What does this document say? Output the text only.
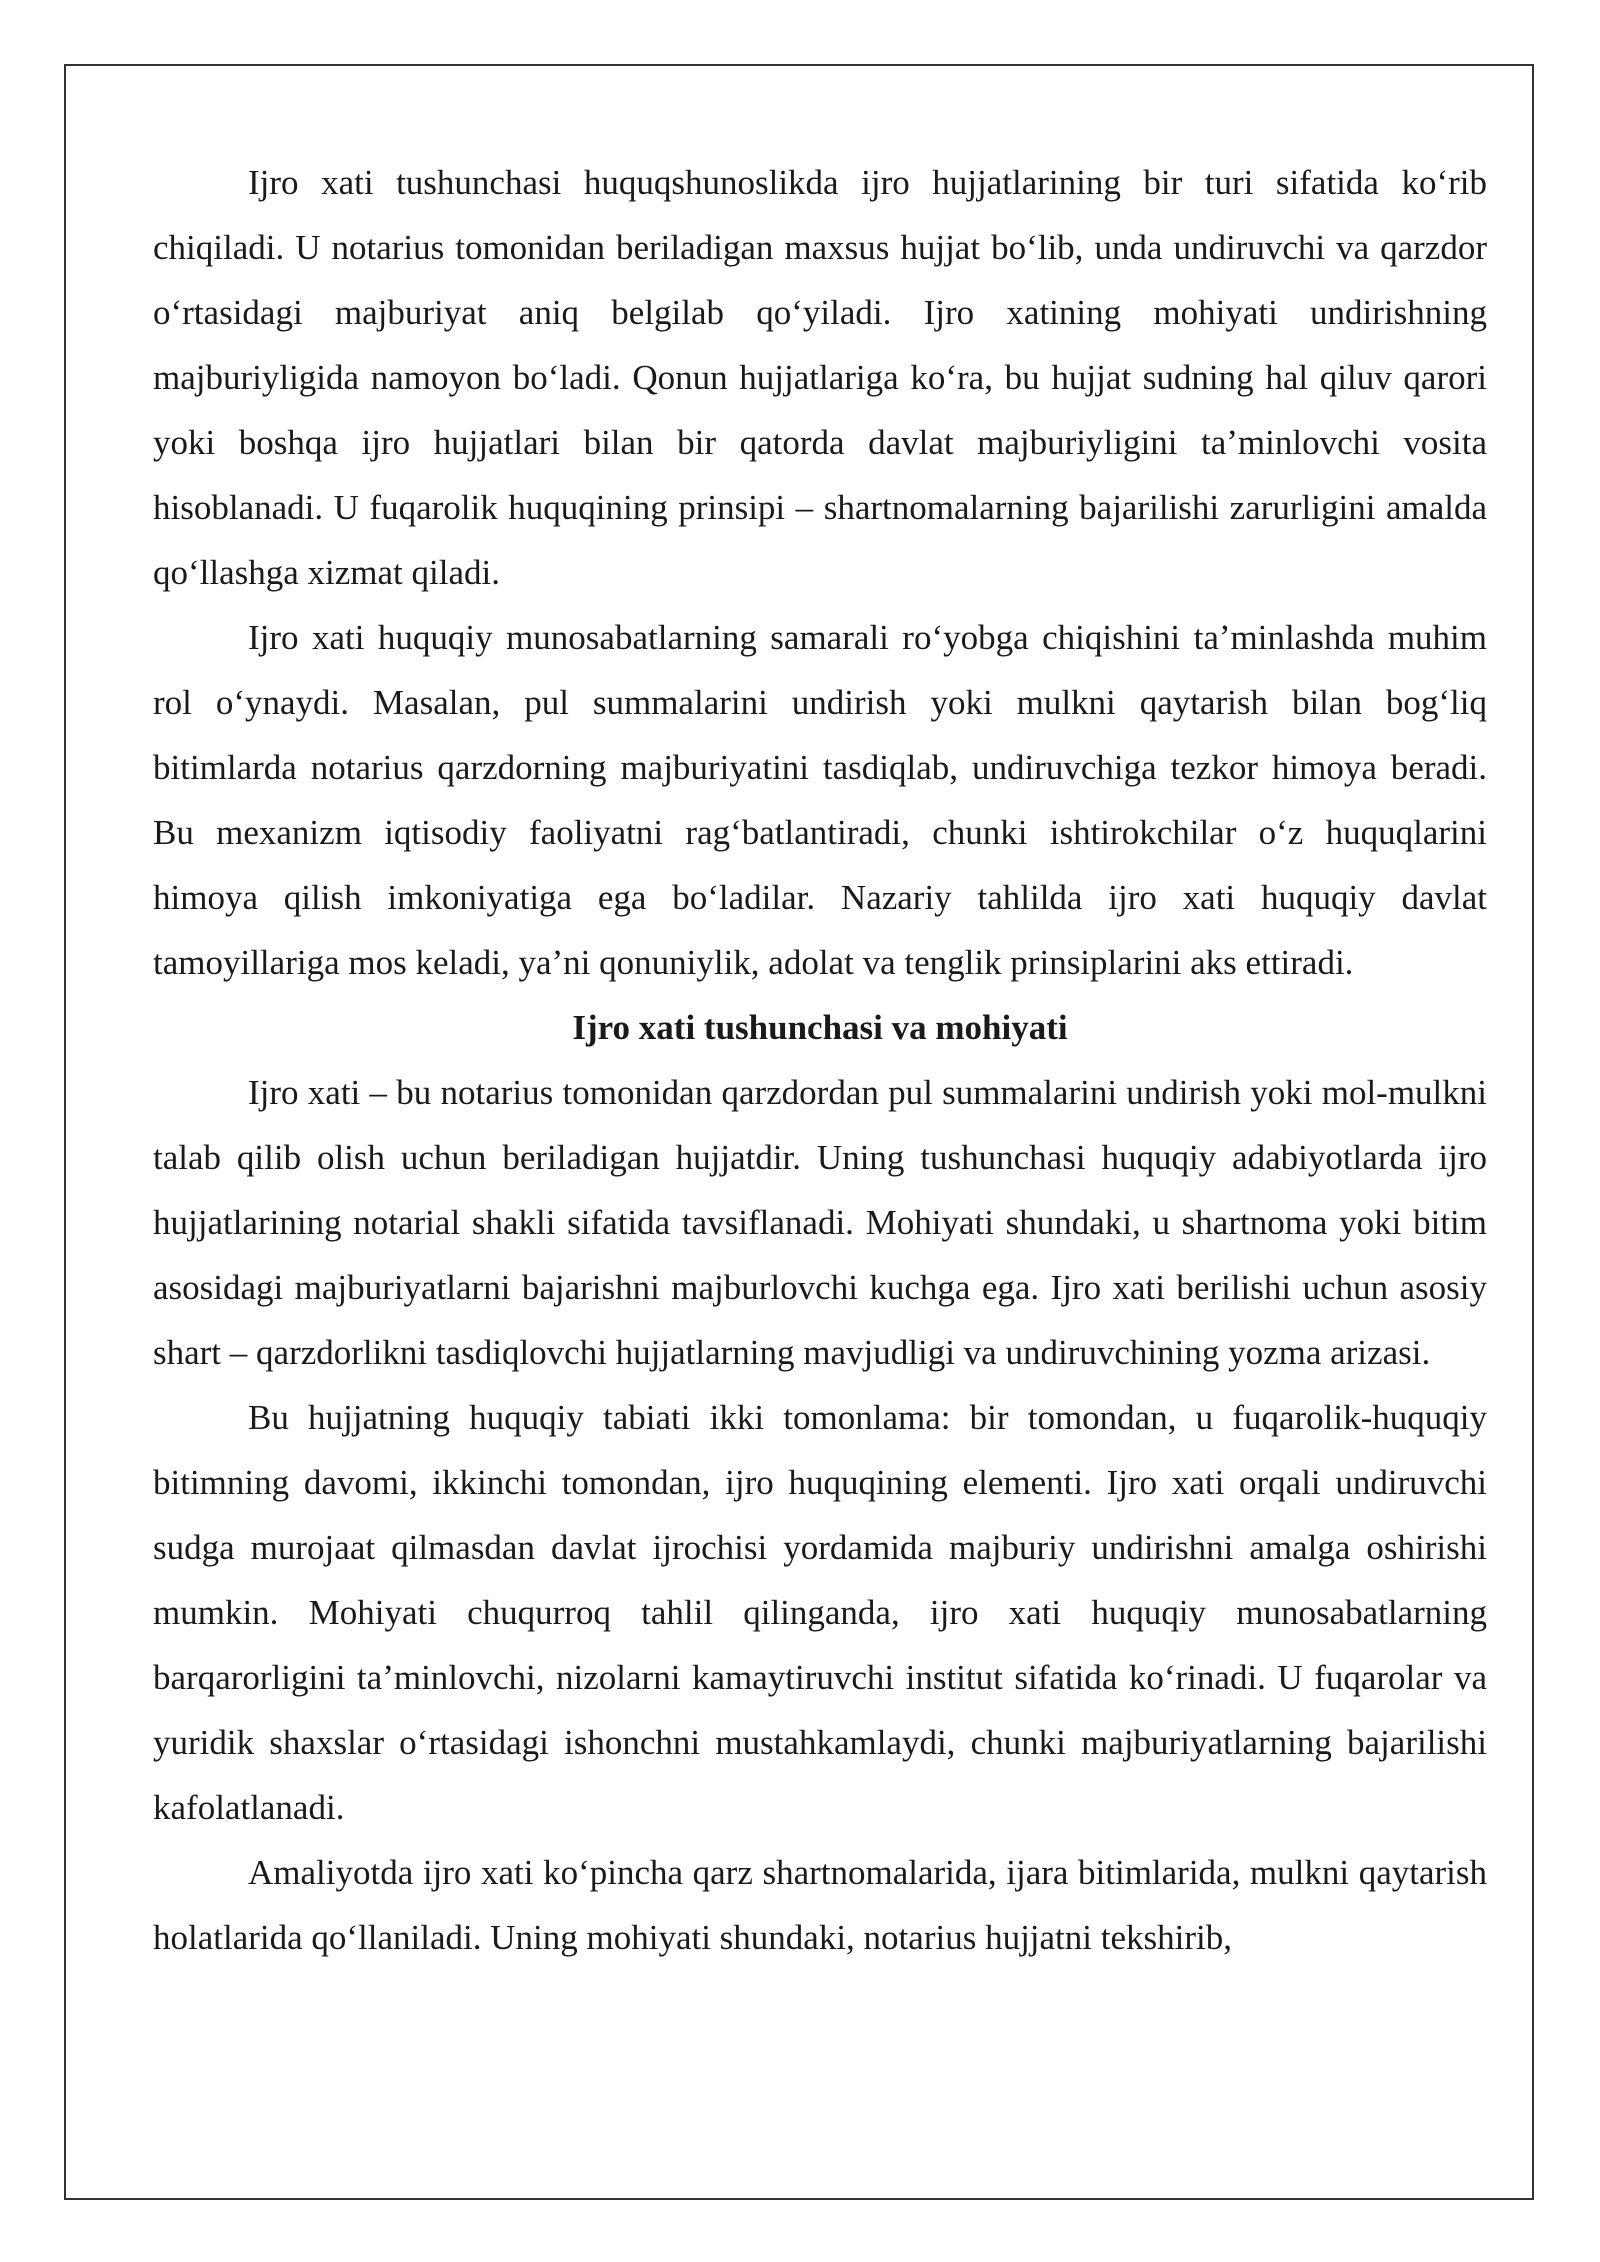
Ijro xati tushunchasi huquqshunoslikda ijro hujjatlarining bir turi sifatida koʻrib chiqiladi. U notarius tomonidan beriladigan maxsus hujjat boʻlib, unda undiruvchi va qarzdor oʻrtasidagi majburiyat aniq belgilab qoʻyiladi. Ijro xatining mohiyati undirishning majburiyligida namoyon boʻladi. Qonun hujjatlariga koʻra, bu hujjat sudning hal qiluv qarori yoki boshqa ijro hujjatlari bilan bir qatorda davlat majburiyligini taʼminlovchi vosita hisoblanadi. U fuqarolik huquqining prinsipi – shartnomalarning bajarilishi zarurligini amalda qoʻllashga xizmat qiladi.

Ijro xati huquqiy munosabatlarning samarali roʻyobga chiqishini taʼminlashda muhim rol oʻynaydi. Masalan, pul summalarini undirish yoki mulkni qaytarish bilan bogʻliq bitimlarda notarius qarzdorning majburiyatini tasdiqlab, undiruvchiga tezkor himoya beradi. Bu mexanizm iqtisodiy faoliyatni ragʻbatlantiradi, chunki ishtirokchilar oʻz huquqlarini himoya qilish imkoniyatiga ega boʻladilar. Nazariy tahlilda ijro xati huquqiy davlat tamoyillariga mos keladi, yaʼni qonuniylik, adolat va tenglik prinsiplarini aks ettiradi.

Ijro xati tushunchasi va mohiyati

Ijro xati – bu notarius tomonidan qarzdordan pul summalarini undirish yoki mol-mulkni talab qilib olish uchun beriladigan hujjatdir. Uning tushunchasi huquqiy adabiyotlarda ijro hujjatlarining notarial shakli sifatida tavsiflanadi. Mohiyati shundaki, u shartnoma yoki bitim asosidagi majburiyatlarni bajarishni majburlovchi kuchga ega. Ijro xati berilishi uchun asosiy shart – qarzdorlikni tasdiqlovchi hujjatlarning mavjudligi va undiruvchining yozma arizasi.

Bu hujjatning huquqiy tabiati ikki tomonlama: bir tomondan, u fuqarolik-huquqiy bitimning davomi, ikkinchi tomondan, ijro huquqining elementi. Ijro xati orqali undiruvchi sudga murojaat qilmasdan davlat ijrochisi yordamida majburiy undirishni amalga oshirishi mumkin. Mohiyati chuqurroq tahlil qilinganda, ijro xati huquqiy munosabatlarning barqarorligini taʼminlovchi, nizolarni kamaytiruvchi institut sifatida koʻrinadi. U fuqarolar va yuridik shaxslar oʻrtasidagi ishonchni mustahkamlaydi, chunki majburiyatlarning bajarilishi kafolatlanadi.

Amaliyotda ijro xati koʻpincha qarz shartnomalarida, ijara bitimlarida, mulkni qaytarish holatlarida qoʻllaniladi. Uning mohiyati shundaki, notarius hujjatni tekshirib,
